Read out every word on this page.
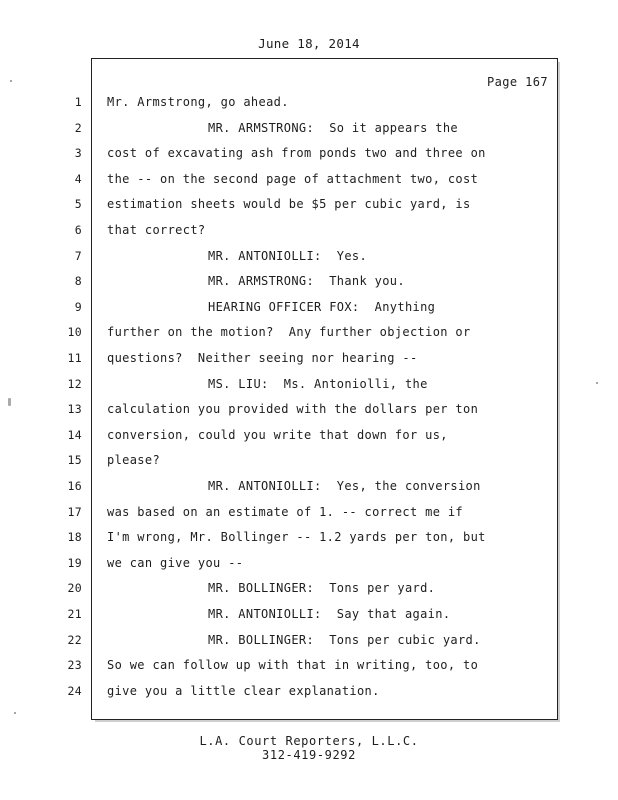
June 18, 2014
Page 167
1 Mr. Armstrong, go ahead.
2	MR. ARMSTRONG:  So it appears the
3 cost of excavating ash from ponds two and three on
4 the -- on the second page of attachment two, cost
5 estimation sheets would be $5 per cubic yard, is
6 that correct?
7	MR. ANTONIOLLI:  Yes.
8	MR. ARMSTRONG:  Thank you.
9	HEARING OFFICER FOX:  Anything
10 further on the motion?  Any further objection or
11 questions?  Neither seeing nor hearing --
12	MS. LIU:  Ms. Antoniolli, the
13 calculation you provided with the dollars per ton
14 conversion, could you write that down for us,
15 please?
16	MR. ANTONIOLLI:  Yes, the conversion
17 was based on an estimate of 1. -- correct me if
18 I'm wrong, Mr. Bollinger -- 1.2 yards per ton, but
19 we can give you --
20	MR. BOLLINGER:  Tons per yard.
21	MR. ANTONIOLLI:  Say that again.
22	MR. BOLLINGER:  Tons per cubic yard.
23 So we can follow up with that in writing, too, to
24 give you a little clear explanation.
L.A. Court Reporters, L.L.C.
312-419-9292
